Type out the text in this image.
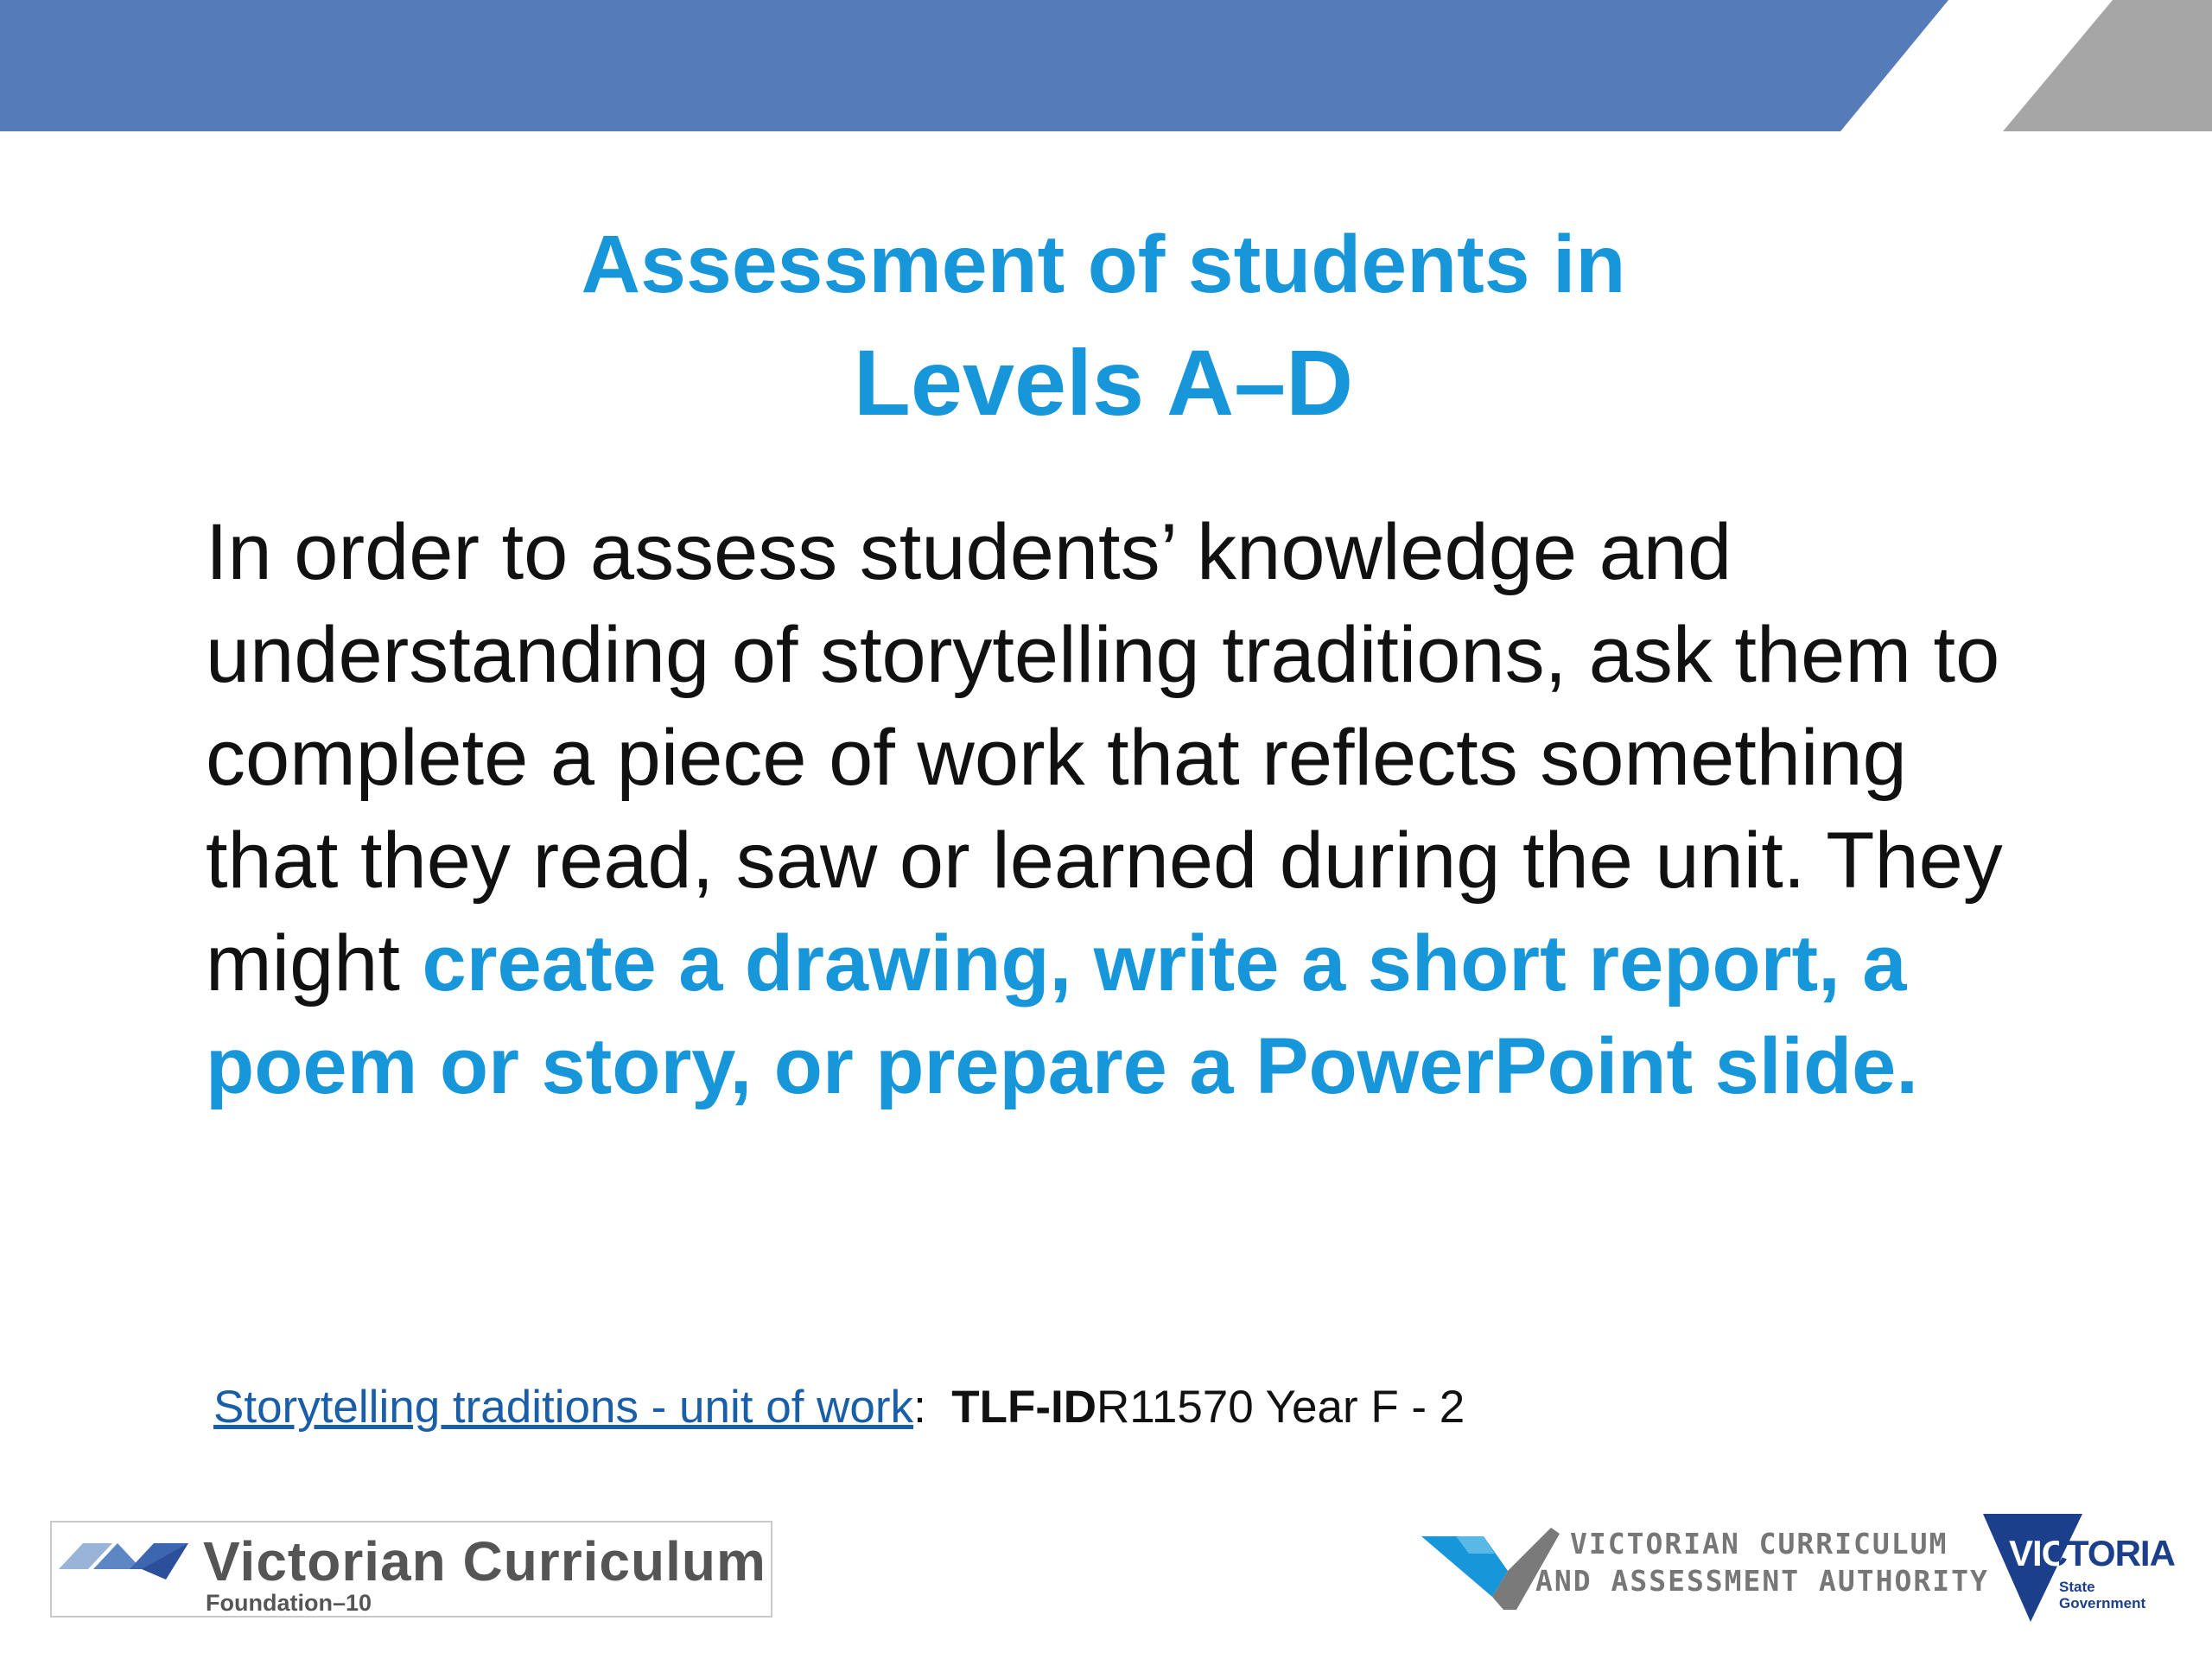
Assessment of students in
Levels A–D
In order to assess students’ knowledge and understanding of storytelling traditions, ask them to complete a piece of work that reflects something that they read, saw or learned during the unit. They might create a drawing, write a short report, a poem or story, or prepare a PowerPoint slide.
Storytelling traditions - unit of work: TLF-IDR11570 Year F - 2
Victorian Curriculum
Foundation–10
VICTORIAN CURRICULUM
AND ASSESSMENT AUTHORITY
VICTORIA
State
Government
